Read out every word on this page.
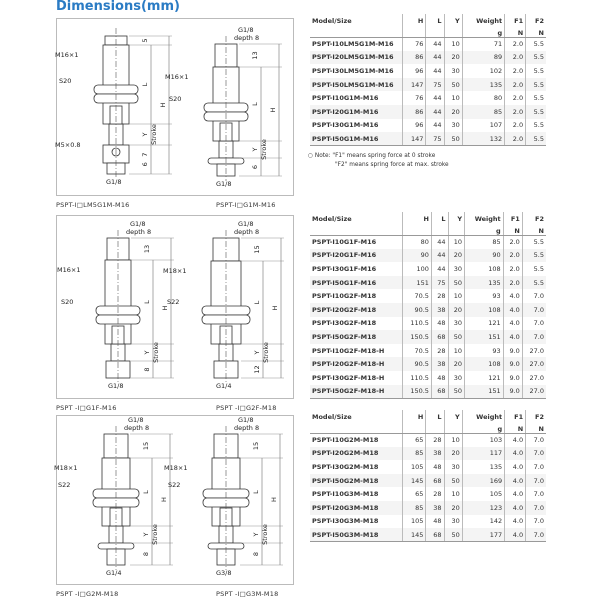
Dimensions(mm)
M16×1
S20
M5×0.8
G1/8
5
L
H
Y Stroke
7
6
M16×1
S20
G1/8
depth 8
G1/8
13
L
H
Y Stroke
6
PSPT-I□LM5G1M-M16	PSPT-I□G1M-M16
M16×1
S20
G1/8
depth 8
G1/8
13
L
H
Y Stroke
8
M18×1
S22
G1/8
depth 8
G1/4
15
L
H
Y Stroke
12
PSPT -I□G1F-M16	PSPT -I□G2F-M18
M18×1
S22
G1/8
depth 8
G1/4
15
L
H
Y Stroke
8
M18×1
S22
G1/8
depth 8
G3/8
15
L
H
Y Stroke
8
PSPT -I□G2M-M18	PSPT -I□G3M-M18
Model/Size	H	L	Y	Weight	F1	F2
				g	N	N
PSPT-I10LM5G1M-M16	76	44	10	71	2.0	5.5
PSPT-I20LM5G1M-M16	86	44	20	89	2.0	5.5
PSPT-I30LM5G1M-M16	96	44	30	102	2.0	5.5
PSPT-I50LM5G1M-M16	147	75	50	135	2.0	5.5
PSPT-I10G1M-M16	76	44	10	80	2.0	5.5
PSPT-I20G1M-M16	86	44	20	85	2.0	5.5
PSPT-I30G1M-M16	96	44	30	107	2.0	5.5
PSPT-I50G1M-M16	147	75	50	132	2.0	5.5
○ Note: "F1" means spring force at 0 stroke
"F2" means spring force at max. stroke
Model/Size	H	L	Y	Weight	F1	F2
				g	N	N
PSPT-I10G1F-M16	80	44	10	85	2.0	5.5
PSPT-I20G1F-M16	90	44	20	90	2.0	5.5
PSPT-I30G1F-M16	100	44	30	108	2.0	5.5
PSPT-I50G1F-M16	151	75	50	135	2.0	5.5
PSPT-I10G2F-M18	70.5	28	10	93	4.0	7.0
PSPT-I20G2F-M18	90.5	38	20	108	4.0	7.0
PSPT-I30G2F-M18	110.5	48	30	121	4.0	7.0
PSPT-I50G2F-M18	150.5	68	50	151	4.0	7.0
PSPT-I10G2F-M18-H	70.5	28	10	93	9.0	27.0
PSPT-I20G2F-M18-H	90.5	38	20	108	9.0	27.0
PSPT-I30G2F-M18-H	110.5	48	30	121	9.0	27.0
PSPT-I50G2F-M18-H	150.5	68	50	151	9.0	27.0
Model/Size	H	L	Y	Weight	F1	F2
				g	N	N
PSPT-I10G2M-M18	65	28	10	103	4.0	7.0
PSPT-I20G2M-M18	85	38	20	117	4.0	7.0
PSPT-I30G2M-M18	105	48	30	135	4.0	7.0
PSPT-I50G2M-M18	145	68	50	169	4.0	7.0
PSPT-I10G3M-M18	65	28	10	105	4.0	7.0
PSPT-I20G3M-M18	85	38	20	123	4.0	7.0
PSPT-I30G3M-M18	105	48	30	142	4.0	7.0
PSPT-I50G3M-M18	145	68	50	177	4.0	7.0
